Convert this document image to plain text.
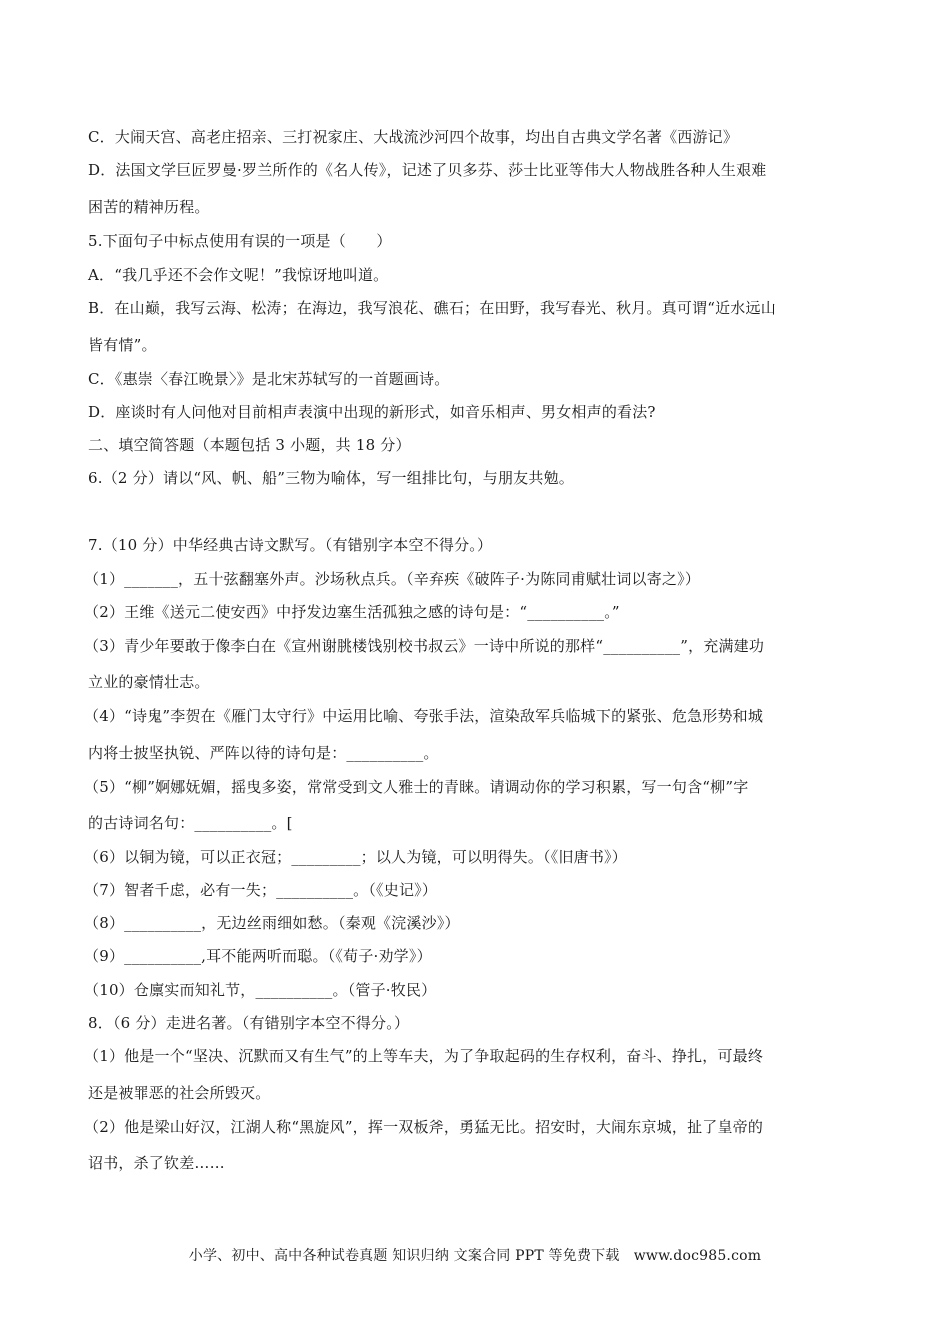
C．大闹天宫、高老庄招亲、三打祝家庄、大战流沙河四个故事，均出自古典文学名著《西游记》
D．法国文学巨匠罗曼·罗兰所作的《名人传》，记述了贝多芬、莎士比亚等伟大人物战胜各种人生艰难
困苦的精神历程。
5.下面句子中标点使用有误的一项是（　　）
A．“我几乎还不会作文呢！”我惊讶地叫道。
B．在山巅，我写云海、松涛；在海边，我写浪花、礁石；在田野，我写春光、秋月。真可谓“近水远山
皆有情”。
C．《惠崇〈春江晚景〉》是北宋苏轼写的一首题画诗。
D．座谈时有人问他对目前相声表演中出现的新形式，如音乐相声、男女相声的看法?
二、填空简答题（本题包括 3 小题，共 18 分）
6.（2 分）请以“风、帆、船”三物为喻体，写一组排比句，与朋友共勉。
7.（10 分）中华经典古诗文默写。（有错别字本空不得分。）
（1）_______，五十弦翻塞外声。沙场秋点兵。（辛弃疾《破阵子·为陈同甫赋壮词以寄之》）
（2）王维《送元二使安西》中抒发边塞生活孤独之感的诗句是：“__________。”
（3）青少年要敢于像李白在《宣州谢朓楼饯别校书叔云》一诗中所说的那样“__________”，充满建功
立业的豪情壮志。
（4）“诗鬼”李贺在《雁门太守行》中运用比喻、夸张手法，渲染敌军兵临城下的紧张、危急形势和城
内将士披坚执锐、严阵以待的诗句是：__________。
（5）“柳”婀娜妩媚，摇曳多姿，常常受到文人雅士的青睐。请调动你的学习积累，写一句含“柳”字
的古诗词名句：__________。[
（6）以铜为镜，可以正衣冠；_________；以人为镜，可以明得失。（《旧唐书》）
（7）智者千虑，必有一失；__________。（《史记》）
（8）__________，无边丝雨细如愁。（秦观《浣溪沙》）
（9）__________,耳不能两听而聪。（《荀子·劝学》）
（10）仓廪实而知礼节，__________。（管子·牧民）
8．（6 分）走进名著。（有错别字本空不得分。）
（1）他是一个“坚决、沉默而又有生气”的上等车夫，为了争取起码的生存权利，奋斗、挣扎，可最终
还是被罪恶的社会所毁灭。
（2）他是梁山好汉，江湖人称“黑旋风”，挥一双板斧，勇猛无比。招安时，大闹东京城，扯了皇帝的
诏书，杀了钦差……
小学、初中、高中各种试卷真题 知识归纳 文案合同 PPT 等免费下载　www.doc985.com
